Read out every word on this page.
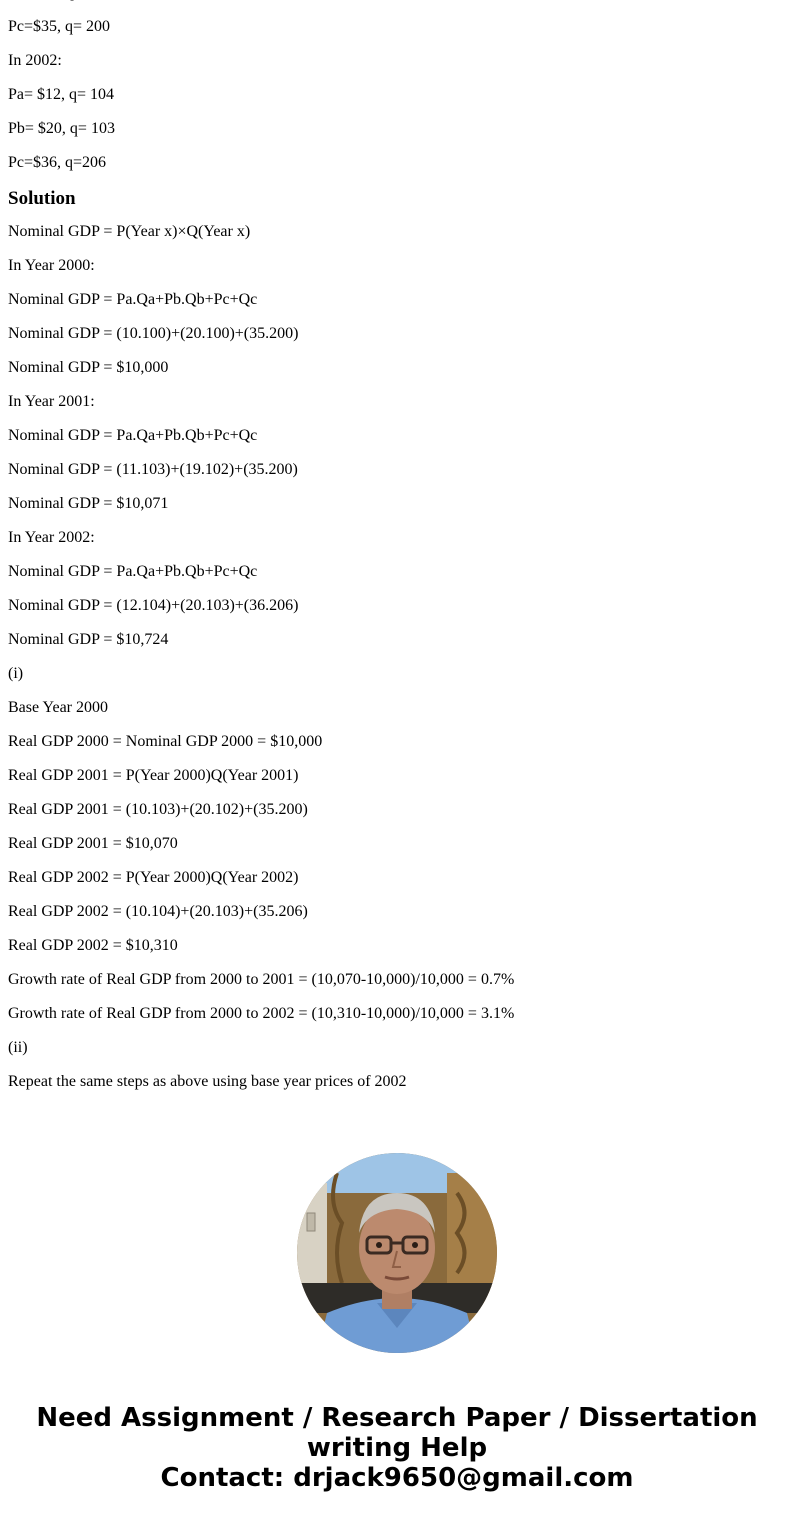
Pc=$35, q= 200
In 2002:
Pa= $12, q= 104
Pb= $20, q= 103
Pc=$36, q=206
Solution
Nominal GDP = P(Year x)×Q(Year x)
In Year 2000:
Nominal GDP = Pa.Qa+Pb.Qb+Pc+Qc
Nominal GDP = (10.100)+(20.100)+(35.200)
Nominal GDP = $10,000
In Year 2001:
Nominal GDP = Pa.Qa+Pb.Qb+Pc+Qc
Nominal GDP = (11.103)+(19.102)+(35.200)
Nominal GDP = $10,071
In Year 2002:
Nominal GDP = Pa.Qa+Pb.Qb+Pc+Qc
Nominal GDP = (12.104)+(20.103)+(36.206)
Nominal GDP = $10,724
(i)
Base Year 2000
Real GDP 2000 = Nominal GDP 2000 = $10,000
Real GDP 2001 = P(Year 2000)Q(Year 2001)
Real GDP 2001 = (10.103)+(20.102)+(35.200)
Real GDP 2001 = $10,070
Real GDP 2002 = P(Year 2000)Q(Year 2002)
Real GDP 2002 = (10.104)+(20.103)+(35.206)
Real GDP 2002 = $10,310
Growth rate of Real GDP from 2000 to 2001 = (10,070-10,000)/10,000 = 0.7%
Growth rate of Real GDP from 2000 to 2002 = (10,310-10,000)/10,000 = 3.1%
(ii)
Repeat the same steps as above using base year prices of 2002
Need Assignment / Research Paper / Dissertation
writing Help
Contact: drjack9650@gmail.com
